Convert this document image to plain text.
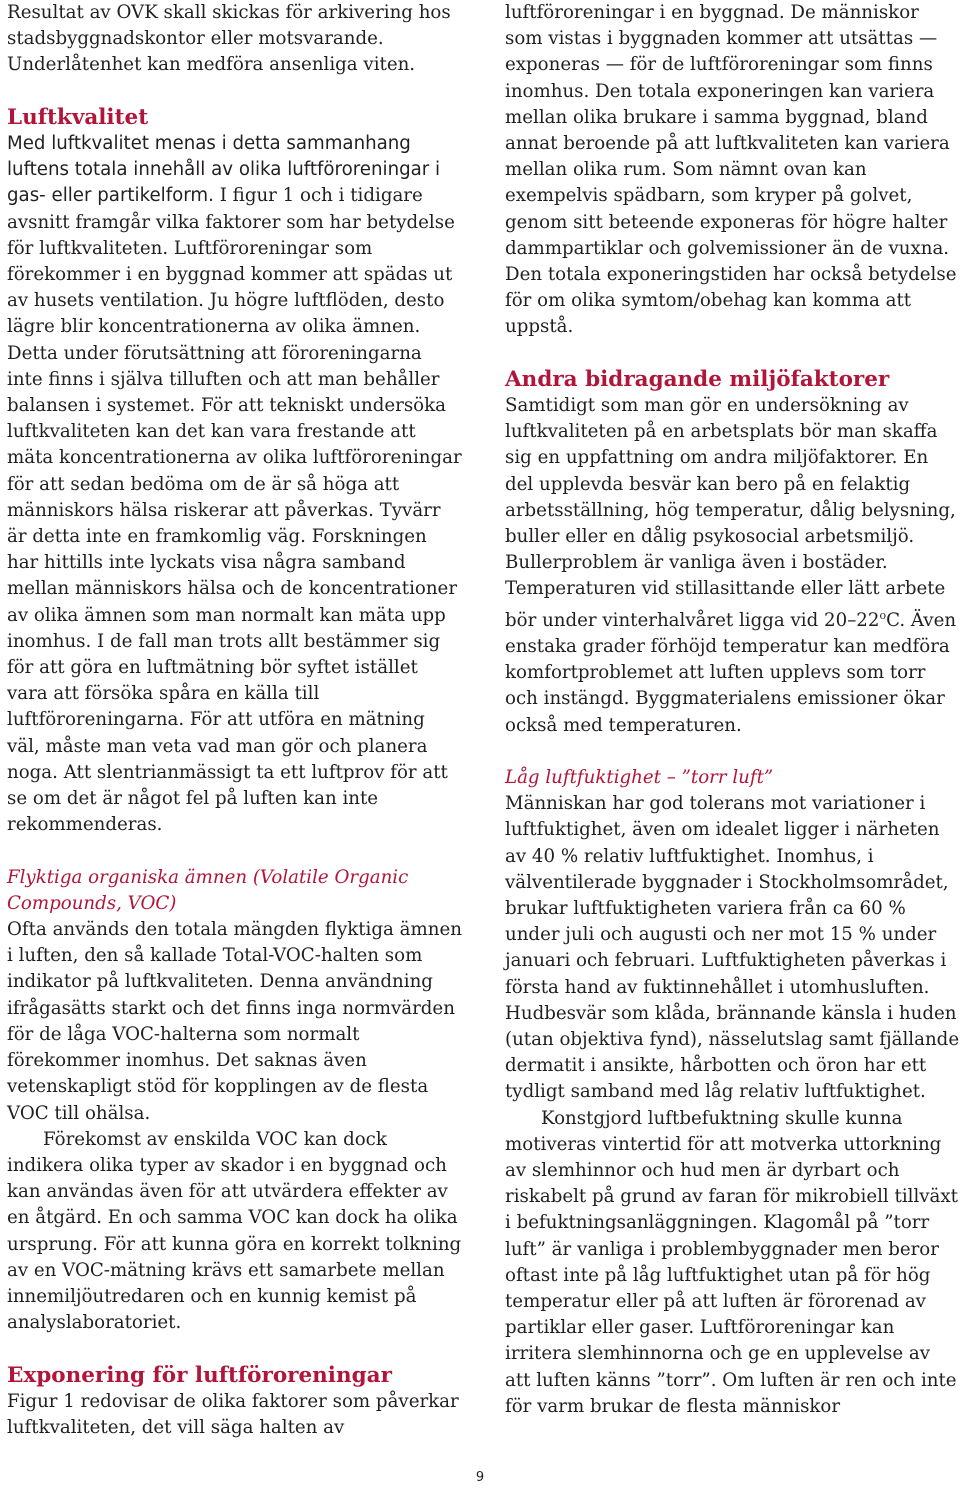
Resultat av OVK skall skickas för arkivering hos stadsbyggnadskontor eller motsvarande. Underlåtenhet kan medföra ansenliga viten.

Luftkvalitet

Med luftkvalitet menas i detta sammanhang luftens totala innehåll av olika luftföroreningar i gas- eller partikelform. I figur 1 och i tidigare avsnitt framgår vilka faktorer som har betydelse för luftkvaliteten. Luftföroreningar som förekommer i en byggnad kommer att spädas ut av husets ventilation. Ju högre luftflöden, desto lägre blir koncentrationerna av olika ämnen. Detta under förutsättning att föroreningarna inte finns i själva tilluften och att man behåller balansen i systemet. För att tekniskt undersöka luftkvaliteten kan det kan vara frestande att mäta koncentrationerna av olika luftföroreningar för att sedan bedöma om de är så höga att människors hälsa riskerar att påverkas. Tyvärr är detta inte en framkomlig väg. Forskningen har hittills inte lyckats visa några samband mellan människors hälsa och de koncentrationer av olika ämnen som man normalt kan mäta upp inomhus. I de fall man trots allt bestämmer sig för att göra en luftmätning bör syftet istället vara att försöka spåra en källa till luftföroreningarna. För att utföra en mätning väl, måste man veta vad man gör och planera noga. Att slentrianmässigt ta ett luftprov för att se om det är något fel på luften kan inte rekommenderas.

Flyktiga organiska ämnen (Volatile Organic Compounds, VOC)

Ofta används den totala mängden flyktiga ämnen i luften, den så kallade Total-VOC-halten som indikator på luftkvaliteten. Denna användning ifrågasätts starkt och det finns inga normvärden för de låga VOC-halterna som normalt förekommer inomhus. Det saknas även vetenskapligt stöd för kopplingen av de flesta VOC till ohälsa.

Förekomst av enskilda VOC kan dock indikera olika typer av skador i en byggnad och kan användas även för att utvärdera effekter av en åtgärd. En och samma VOC kan dock ha olika ursprung. För att kunna göra en korrekt tolkning av en VOC-mätning krävs ett samarbete mellan innemiljöutredaren och en kunnig kemist på analyslaboratoriet.

Exponering för luftföroreningar

Figur 1 redovisar de olika faktorer som påverkar luftkvaliteten, det vill säga halten av

luftföroreningar i en byggnad. De människor som vistas i byggnaden kommer att utsättas — exponeras — för de luftföroreningar som finns inomhus. Den totala exponeringen kan variera mellan olika brukare i samma byggnad, bland annat beroende på att luftkvaliteten kan variera mellan olika rum. Som nämnt ovan kan exempelvis spädbarn, som kryper på golvet, genom sitt beteende exponeras för högre halter dammpartiklar och golvemissioner än de vuxna. Den totala exponeringstiden har också betydelse för om olika symtom/obehag kan komma att uppstå.

Andra bidragande miljöfaktorer

Samtidigt som man gör en undersökning av luftkvaliteten på en arbetsplats bör man skaffa sig en uppfattning om andra miljöfaktorer. En del upplevda besvär kan bero på en felaktig arbetsställning, hög temperatur, dålig belysning, buller eller en dålig psykosocial arbetsmiljö. Bullerproblem är vanliga även i bostäder. Temperaturen vid stillasittande eller lätt arbete bör under vinterhalvåret ligga vid 20–22$^o$C. Även enstaka grader förhöjd temperatur kan medföra komfortproblemet att luften upplevs som torr och instängd. Byggmaterialens emissioner ökar också med temperaturen.

Låg luftfuktighet – ”torr luft”

Människan har god tolerans mot variationer i luftfuktighet, även om idealet ligger i närheten av 40 % relativ luftfuktighet. Inomhus, i välventilerade byggnader i Stockholmsområdet, brukar luftfuktigheten variera från ca 60 % under juli och augusti och ner mot 15 % under januari och februari. Luftfuktigheten påverkas i första hand av fuktinnehållet i utomhusluften. Hudbesvär som klåda, brännande känsla i huden (utan objektiva fynd), nässelutslag samt fjällande dermatit i ansikte, hårbotten och öron har ett tydligt samband med låg relativ luftfuktighet.

Konstgjord luftbefuktning skulle kunna motiveras vintertid för att motverka uttorkning av slemhinnor och hud men är dyrbart och riskabelt på grund av faran för mikrobiell tillväxt i befuktningsanläggningen. Klagomål på ”torr luft” är vanliga i problembyggnader men beror oftast inte på låg luftfuktighet utan på för hög temperatur eller på att luften är förorenad av partiklar eller gaser. Luftföroreningar kan irritera slemhinnorna och ge en upplevelse av att luften känns ”torr”. Om luften är ren och inte för varm brukar de flesta människor

9
